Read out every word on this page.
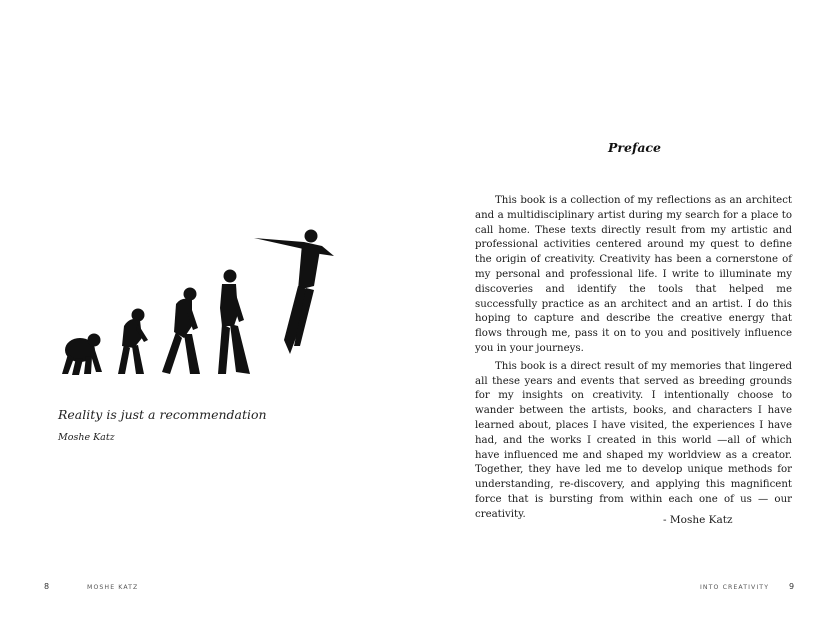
Reality is just a recommendation
Moshe Katz
8	MOSHE KATZ
Preface

This book is a collection of my reflections as an architect and a multidisciplinary artist during my search for a place to call home. These texts directly result from my artistic and professional activities centered around my quest to define the origin of creativity. Creativity has been a cornerstone of my personal and professional life. I write to illuminate my discoveries and identify the tools that helped me successfully practice as an architect and an artist. I do this hoping to capture and describe the creative energy that flows through me, pass it on to you and positively influence you in your journeys.

This book is a direct result of my memories that lingered all these years and events that served as breeding grounds for my insights on creativity. I intentionally choose to wander between the artists, books, and characters I have learned about, places I have visited, the experiences I have had, and the works I created in this world —all of which have influenced me and shaped my worldview as a creator. Together, they have led me to develop unique methods for understanding, re-discovery, and applying this magnificent force that is bursting from within each one of us — our creativity.	- Moshe Katz
INTO CREATIVITY 9
